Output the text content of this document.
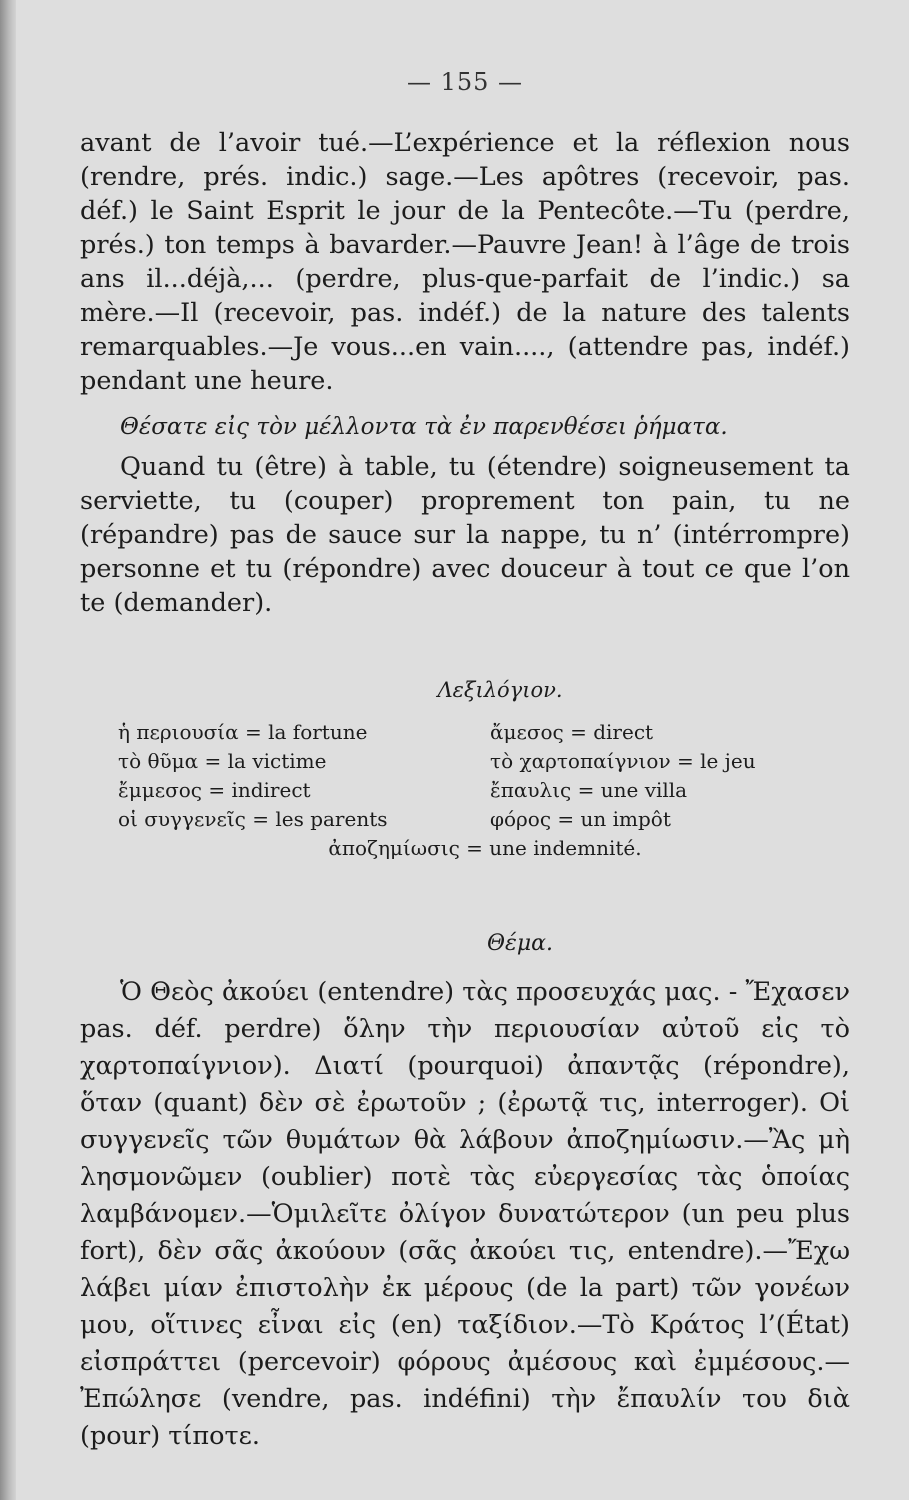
— 155 —

avant de l’avoir tué.—L’expérience et la réflexion nous (rendre, prés. indic.) sage.—Les apôtres (recevoir, pas. déf.) le Saint Esprit le jour de la Pentecôte.—Tu (perdre, prés.) ton temps à bavarder.—Pauvre Jean! à l’âge de trois ans il...déjà,... (perdre, plus-que-parfait de l’indic.) sa mère.—Il (recevoir, pas. indéf.) de la nature des talents remarquables.—Je vous...en vain...., (attendre pas, indéf.) pendant une heure.

Θέσατε εἰς τὸν μέλλοντα τὰ ἐν παρενθέσει ῥήματα.

Quand tu (être) à table, tu (étendre) soigneusement ta serviette, tu (couper) proprement ton pain, tu ne (répandre) pas de sauce sur la nappe, tu n’ (intérrompre) personne et tu (répondre) avec douceur à tout ce que l’on te (demander).

Λεξιλόγιον.

ἡ περιουσία = la fortune	ἄμεσος = direct
τὸ θῦμα = la victime	τὸ χαρτοπαίγνιον = le jeu
ἔμμεσος = indirect	ἔπαυλις = une villa
οἱ συγγενεῖς = les parents	φόρος = un impôt
ἀποζημίωσις = une indemnité.

Θέμα.

Ὁ Θεὸς ἀκούει (entendre) τὰς προσευχάς μας. - Ἔχασεν pas. déf. perdre) ὅλην τὴν περιουσίαν αὐτοῦ εἰς τὸ χαρτοπαίγνιον). Διατί (pourquoi) ἀπαντᾷς (répondre), ὅταν (quant) δὲν σὲ ἐρωτοῦν ; (ἐρωτᾷ τις, interroger). Οἱ συγγενεῖς τῶν θυμάτων θὰ λάβουν ἀποζημίωσιν.—Ἂς μὴ λησμονῶμεν (oublier) ποτὲ τὰς εὐεργεσίας τὰς ὁποίας λαμβάνομεν.—Ὁμιλεῖτε ὀλίγον δυνατώτερον (un peu plus fort), δὲν σᾶς ἀκούουν (σᾶς ἀκούει τις, entendre).—Ἔχω λάβει μίαν ἐπιστολὴν ἐκ μέρους (de la part) τῶν γονέων μου, οἵτινες εἶναι εἰς (en) ταξίδιον.—Τὸ Κράτος l’(État) εἰσπράττει (percevoir) φόρους ἀμέσους καὶ ἐμμέσους.—Ἐπώλησε (vendre, pas. indéfini) τὴν ἔπαυλίν του διὰ (pour) τίποτε.
